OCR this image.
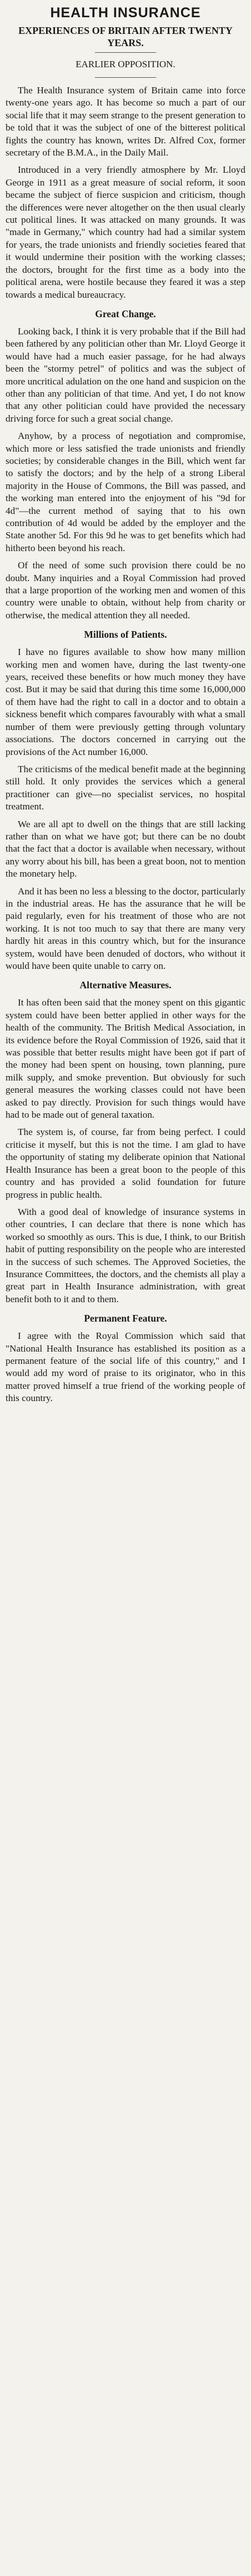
HEALTH INSURANCE
EXPERIENCES OF BRITAIN AFTER TWENTY YEARS.
EARLIER OPPOSITION.

The Health Insurance system of Britain came into force twenty-one years ago. It has become so much a part of our social life that it may seem strange to the present generation to be told that it was the subject of one of the bitterest political fights the country has known, writes Dr. Alfred Cox, former secretary of the B.M.A., in the Daily Mail.

Introduced in a very friendly atmosphere by Mr. Lloyd George in 1911 as a great measure of social reform, it soon became the subject of fierce suspicion and criticism, though the differences were never altogether on the then usual clearly cut political lines. It was attacked on many grounds. It was "made in Germany," which country had had a similar system for years, the trade unionists and friendly societies feared that it would undermine their position with the working classes; the doctors, brought for the first time as a body into the political arena, were hostile because they feared it was a step towards a medical bureaucracy.

Great Change.

Looking back, I think it is very probable that if the Bill had been fathered by any politician other than Mr. Lloyd George it would have had a much easier passage, for he had always been the "stormy petrel" of politics and was the subject of more uncritical adulation on the one hand and suspicion on the other than any politician of that time. And yet, I do not know that any other politician could have provided the necessary driving force for such a great social change.

Anyhow, by a process of negotiation and compromise, which more or less satisfied the trade unionists and friendly societies; by considerable changes in the Bill, which went far to satisfy the doctors; and by the help of a strong Liberal majority in the House of Commons, the Bill was passed, and the working man entered into the enjoyment of his "9d for 4d"—the current method of saying that to his own contribution of 4d would be added by the employer and the State another 5d. For this 9d he was to get benefits which had hitherto been beyond his reach.

Of the need of some such provision there could be no doubt. Many inquiries and a Royal Commission had proved that a large proportion of the working men and women of this country were unable to obtain, without help from charity or otherwise, the medical attention they all needed.

Millions of Patients.

I have no figures available to show how many million working men and women have, during the last twenty-one years, received these benefits or how much money they have cost. But it may be said that during this time some 16,000,000 of them have had the right to call in a doctor and to obtain a sickness benefit which compares favourably with what a small number of them were previously getting through voluntary associations. The doctors concerned in carrying out the provisions of the Act number 16,000.

The criticisms of the medical benefit made at the beginning still hold. It only provides the services which a general practitioner can give—no specialist services, no hospital treatment.

We are all apt to dwell on the things that are still lacking rather than on what we have got; but there can be no doubt that the fact that a doctor is available when necessary, without any worry about his bill, has been a great boon, not to mention the monetary help.

And it has been no less a blessing to the doctor, particularly in the industrial areas. He has the assurance that he will be paid regularly, even for his treatment of those who are not working. It is not too much to say that there are many very hardly hit areas in this country which, but for the insurance system, would have been denuded of doctors, who without it would have been quite unable to carry on.

Alternative Measures.

It has often been said that the money spent on this gigantic system could have been better applied in other ways for the health of the community. The British Medical Association, in its evidence before the Royal Commission of 1926, said that it was possible that better results might have been got if part of the money had been spent on housing, town planning, pure milk supply, and smoke prevention. But obviously for such general measures the working classes could not have been asked to pay directly. Provision for such things would have had to be made out of general taxation.

The system is, of course, far from being perfect. I could criticise it myself, but this is not the time. I am glad to have the opportunity of stating my deliberate opinion that National Health Insurance has been a great boon to the people of this country and has provided a solid foundation for future progress in public health.

With a good deal of knowledge of insurance systems in other countries, I can declare that there is none which has worked so smoothly as ours. This is due, I think, to our British habit of putting responsibility on the people who are interested in the success of such schemes. The Approved Societies, the Insurance Committees, the doctors, and the chemists all play a great part in Health Insurance administration, with great benefit both to it and to them.

Permanent Feature.

I agree with the Royal Commission which said that "National Health Insurance has established its position as a permanent feature of the social life of this country," and I would add my word of praise to its originator, who in this matter proved himself a true friend of the working people of this country.
